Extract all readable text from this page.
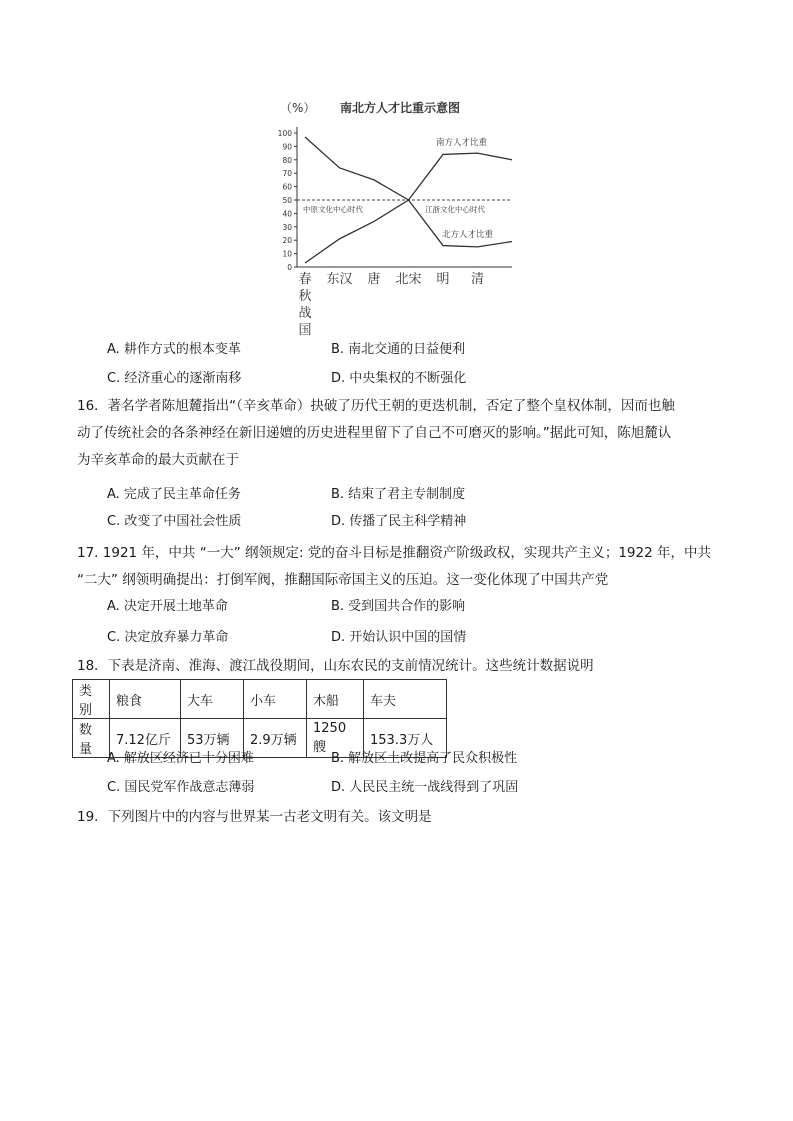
（%） 南北方人才比重示意图
0
10
20
30
40
50
60
70
80
90
100
春
秋
战
国
东 汉 唐 北 宋 明 清
中原文化中心时代	江浙文化中心时代
南方人才比重
北方人才比重
A. 耕作方式的根本变革	B. 南北交通的日益便利
C. 经济重心的逐渐南移	D. 中央集权的不断强化
16．著名学者陈旭麓指出“（辛亥革命）抉破了历代王朝的更迭机制，否定了整个皇权体制，因而也触
动了传统社会的各条神经在新旧递嬗的历史进程里留下了自己不可磨灭的影响。”据此可知，陈旭麓认
为辛亥革命的最大贡献在于
A. 完成了民主革命任务	B. 结束了君主专制制度
C. 改变了中国社会性质	D. 传播了民主科学精神
17. 1921 年，中共 “一大” 纲领规定: 党的奋斗目标是推翻资产阶级政权，实现共产主义；1922 年，中共
“二大” 纲领明确提出：打倒军阀，推翻国际帝国主义的压迫。这一变化体现了中国共产党
A. 决定开展土地革命	B. 受到国共合作的影响
C. 决定放弃暴力革命	D. 开始认识中国的国情
18．下表是济南、淮海、渡江战役期间，山东农民的支前情况统计。这些统计数据说明
类别	粮食	大车	小车	木船	车夫
数量	7.12亿斤	53万辆	2.9万辆	1250 艘	153.3万人
A. 解放区经济已十分困难	B. 解放区土改提高了民众积极性
C. 国民党军作战意志薄弱	D. 人民民主统一战线得到了巩固
19．下列图片中的内容与世界某一古老文明有关。该文明是
